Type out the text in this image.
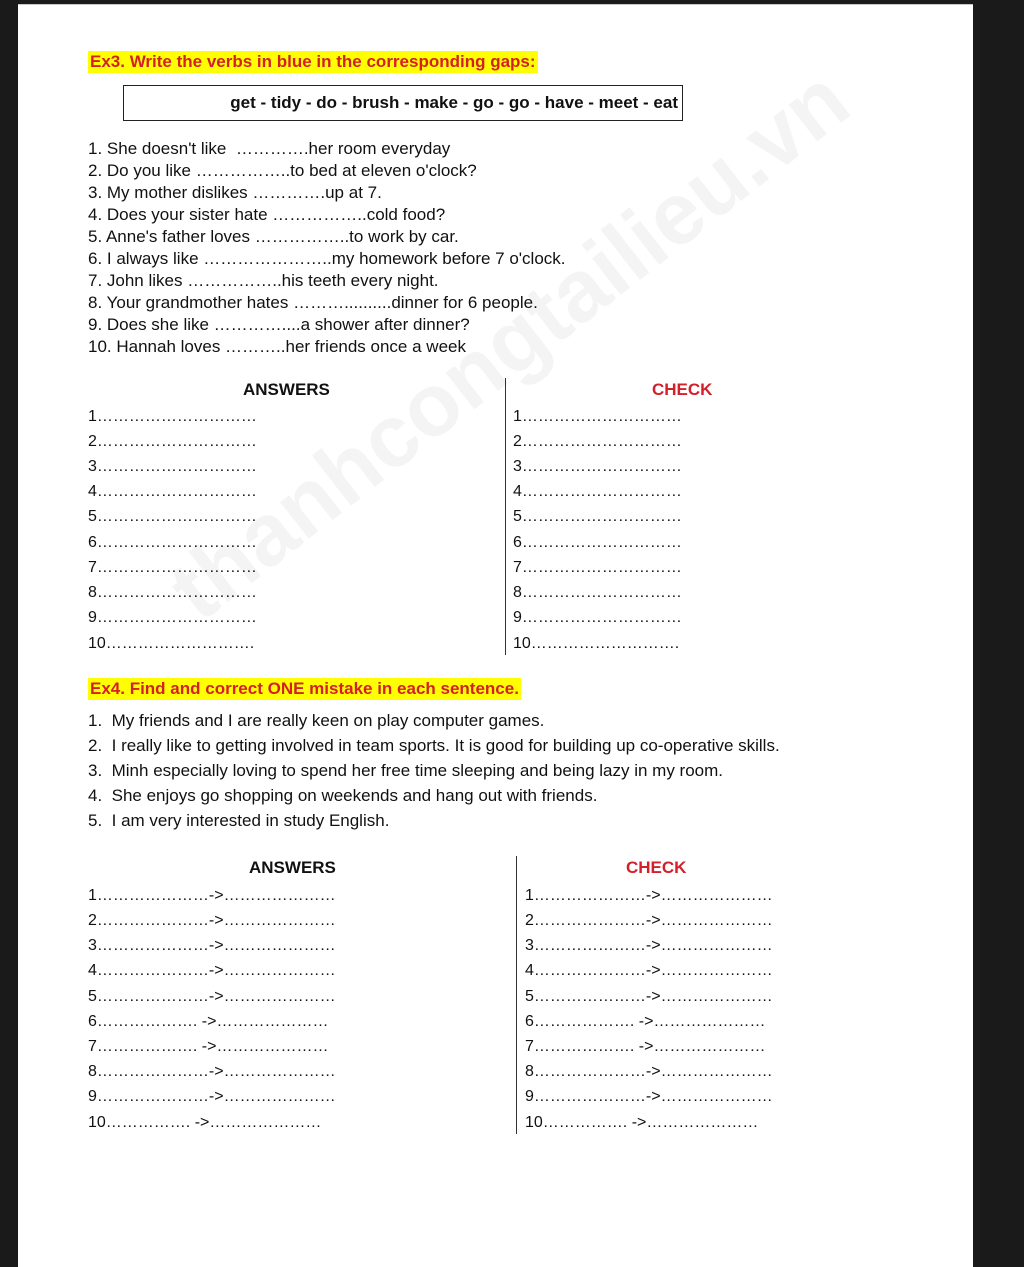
Ex3. Write the verbs in blue in the corresponding gaps:
get - tidy - do - brush - make - go - go - have - meet - eat
1. She doesn't like  ………….her room everyday
2. Do you like ……………..to bed at eleven o'clock?
3. My mother dislikes ………….up at 7.
4. Does your sister hate ……………..cold food?
5. Anne's father loves ……………..to work by car.
6. I always like …………………..my homework before 7 o'clock.
7. John likes ……………..his teeth every night.
8. Your grandmother hates ………..........dinner for 6 people.
9. Does she like …………....a shower after dinner?
10. Hannah loves ………..her friends once a week
ANSWERS	CHECK
1…………………………
2…………………………
3…………………………
4…………………………
5…………………………
6…………………………
7…………………………
8…………………………
9…………………………
10……………………….
1…………………………
2…………………………
3…………………………
4…………………………
5…………………………
6…………………………
7…………………………
8…………………………
9…………………………
10……………………….
Ex4. Find and correct ONE mistake in each sentence.
1.  My friends and I are really keen on play computer games.
2.  I really like to getting involved in team sports. It is good for building up co-operative skills.
3.  Minh especially loving to spend her free time sleeping and being lazy in my room.
4.  She enjoys go shopping on weekends and hang out with friends.
5.  I am very interested in study English.
ANSWERS	CHECK
1…………………->…………………
2…………………->…………………
3…………………->…………………
4…………………->…………………
5…………………->…………………
6………………. ->…………………
7………………. ->…………………
8…………………->…………………
9…………………->…………………
10……………. ->…………………
1…………………->…………………
2…………………->…………………
3…………………->…………………
4…………………->…………………
5…………………->…………………
6………………. ->…………………
7………………. ->…………………
8…………………->…………………
9…………………->…………………
10……………. ->…………………
